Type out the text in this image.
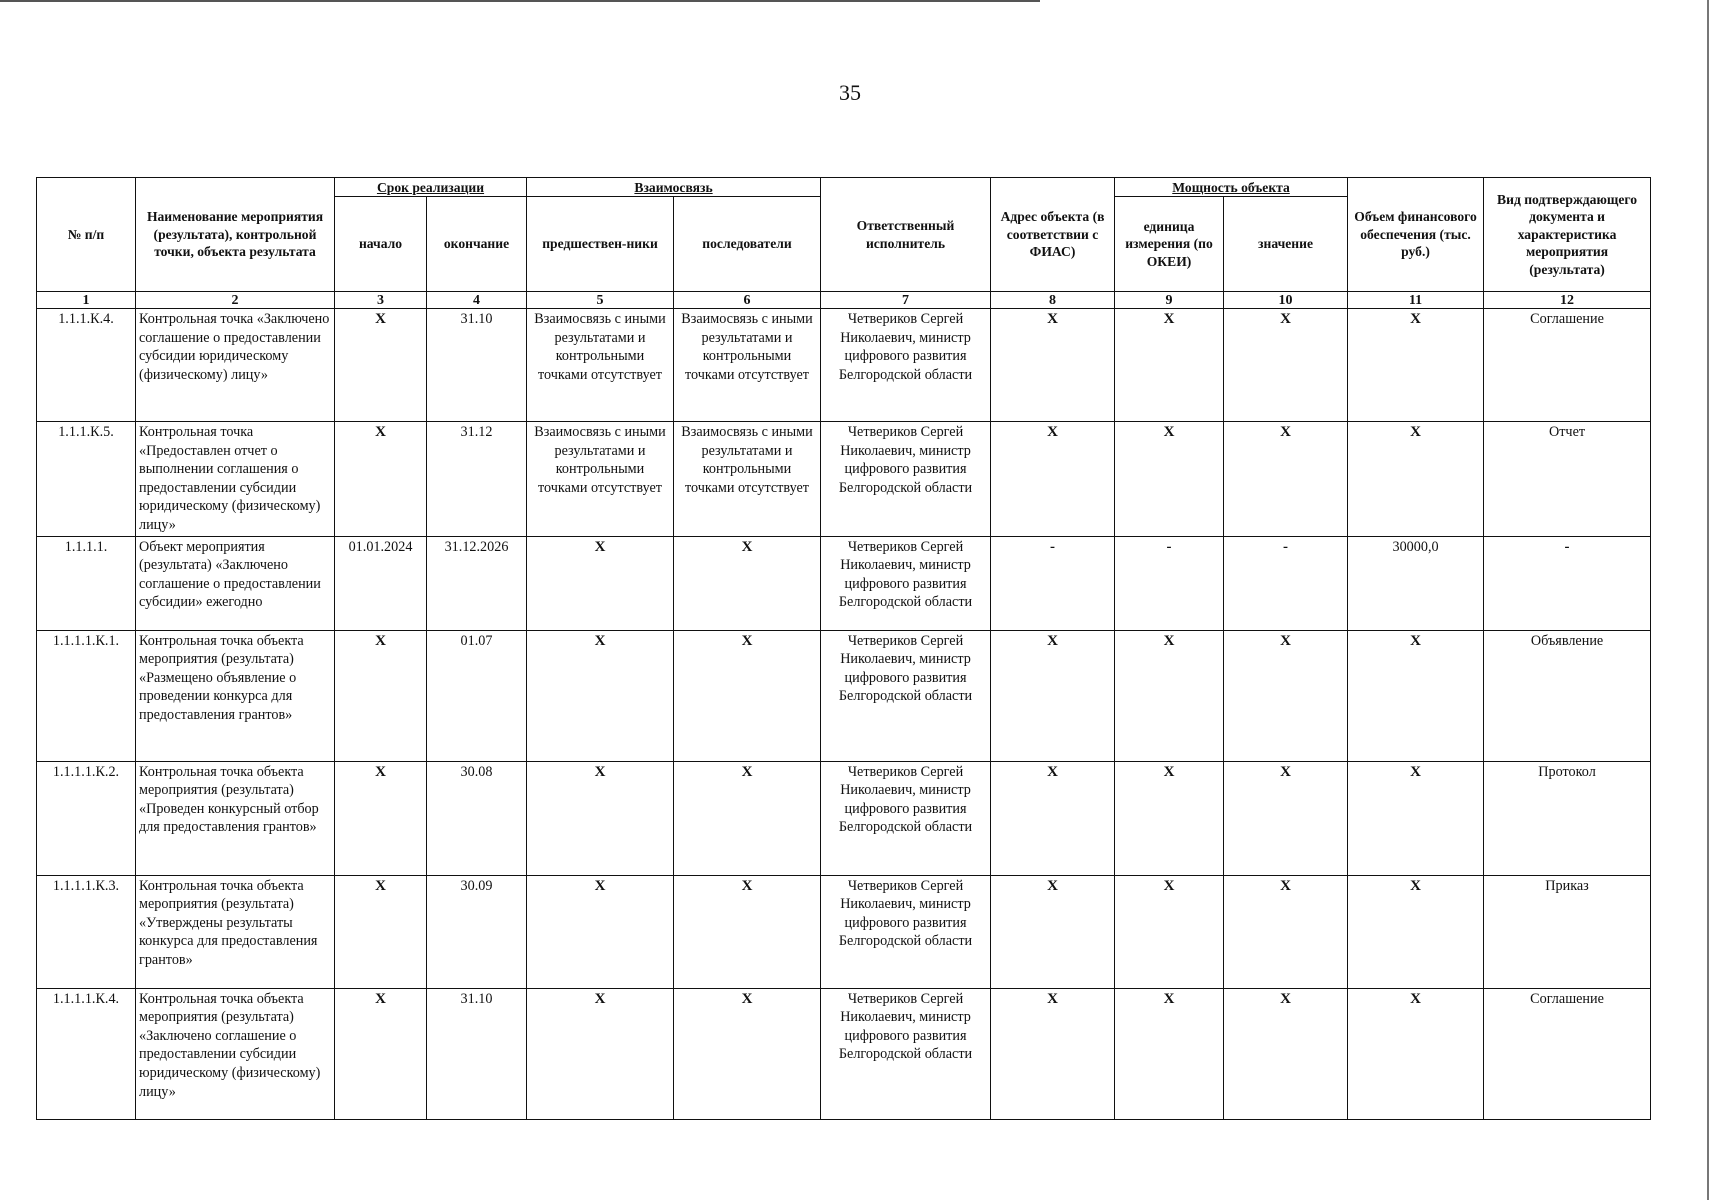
35
№ п/п	Наименование мероприятия (результата), контрольной точки, объекта результата	Срок реализации		Взаимосвязь		Ответственный исполнитель	Адрес объекта (в соответствии с ФИАС)	Мощность объекта		Объем финансового обеспечения (тыс. руб.)	Вид подтверждающего документа и характеристика мероприятия (результата)
		начало	окончание	предшествен-ники	последователи			единица измерения (по ОКЕИ)	значение		
1	2	3	4	5	6	7	8	9	10	11	12
1.1.1.К.4.	Контрольная точка «Заключено соглашение о предоставлении субсидии юридическому (физическому) лицу»	X	31.10	Взаимосвязь с иными результатами и контрольными точками отсутствует	Взаимосвязь с иными результатами и контрольными точками отсутствует	Четвериков Сергей Николаевич, министр цифрового развития Белгородской области	X	X	X	X	Соглашение
1.1.1.К.5.	Контрольная точка «Предоставлен отчет о выполнении соглашения о предоставлении субсидии юридическому (физическому) лицу»	X	31.12	Взаимосвязь с иными результатами и контрольными точками отсутствует	Взаимосвязь с иными результатами и контрольными точками отсутствует	Четвериков Сергей Николаевич, министр цифрового развития Белгородской области	X	X	X	X	Отчет
1.1.1.1.	Объект мероприятия (результата) «Заключено соглашение о предоставлении субсидии» ежегодно	01.01.2024	31.12.2026	X	X	Четвериков Сергей Николаевич, министр цифрового развития Белгородской области	-	-	-	30000,0	-
1.1.1.1.К.1.	Контрольная точка объекта мероприятия (результата) «Размещено объявление о проведении конкурса для предоставления грантов»	X	01.07	X	X	Четвериков Сергей Николаевич, министр цифрового развития Белгородской области	X	X	X	X	Объявление
1.1.1.1.К.2.	Контрольная точка объекта мероприятия (результата) «Проведен конкурсный отбор для предоставления грантов»	X	30.08	X	X	Четвериков Сергей Николаевич, министр цифрового развития Белгородской области	X	X	X	X	Протокол
1.1.1.1.К.3.	Контрольная точка объекта мероприятия (результата) «Утверждены результаты конкурса для предоставления грантов»	X	30.09	X	X	Четвериков Сергей Николаевич, министр цифрового развития Белгородской области	X	X	X	X	Приказ
1.1.1.1.К.4.	Контрольная точка объекта мероприятия (результата) «Заключено соглашение о предоставлении субсидии юридическому (физическому) лицу»	X	31.10	X	X	Четвериков Сергей Николаевич, министр цифрового развития Белгородской области	X	X	X	X	Соглашение
